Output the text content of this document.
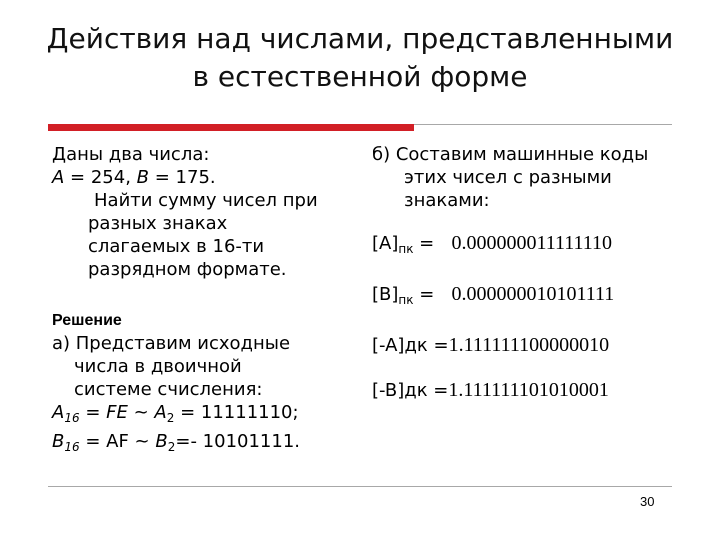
Действия над числами, представленными
в естественной форме
Даны два числа:
A = 254, B = 175.
Найти сумму чисел при
разных знаках
слагаемых в 16-ти
разрядном формате.
Решение
а) Представим исходные
числа в двоичной
системе счисления:
$A_{16}$ = FE ~ $A_2 = 11111110$;
$B_{16}$ = AF ~ $B_2=-$ 10101111.
б) Составим машинные коды
этих чисел с разными
знаками:
$[A]_{пк} = 0.000000011111110$
$[B]_{пк} = 0.000000010101111$
[-A]дк =1.111111100000010
[-B]дк =1.111111101010001
30
